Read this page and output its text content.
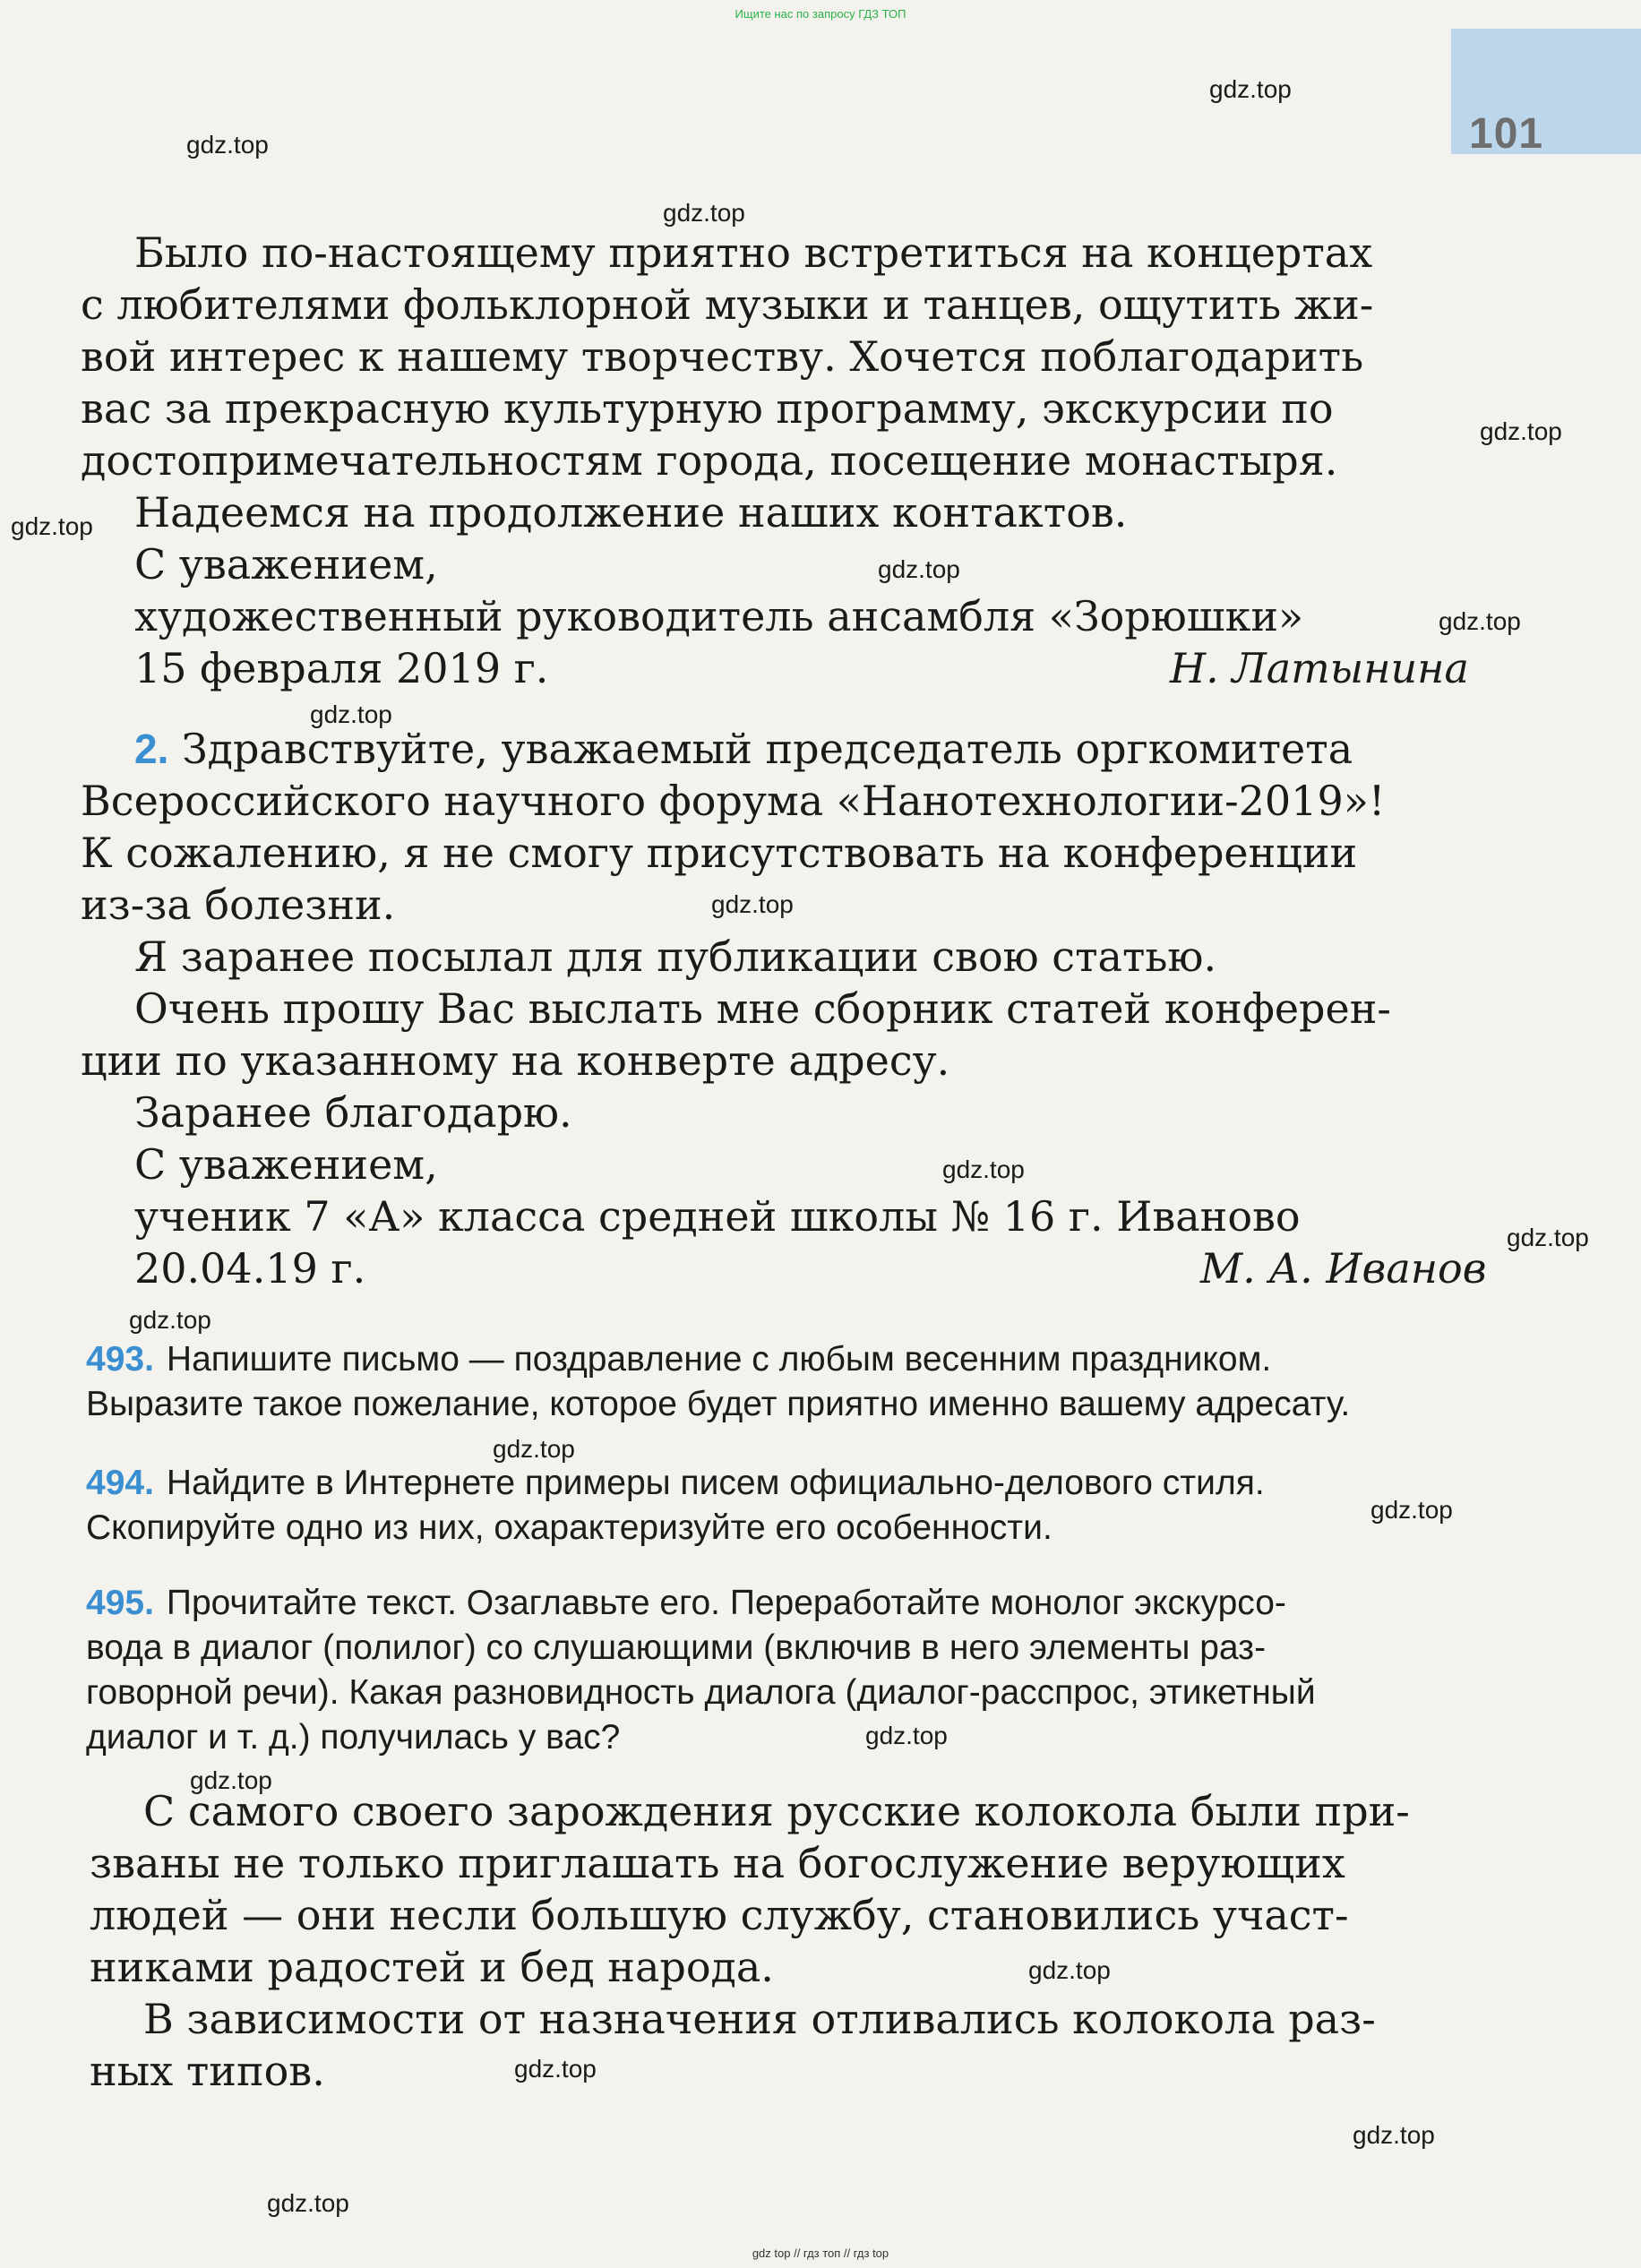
Ищите нас по запросу ГДЗ ТОП
101
gdz.top
gdz.top
gdz.top
gdz.top
gdz.top
gdz.top
gdz.top
gdz.top
gdz.top
gdz.top
gdz.top
gdz.top
gdz.top
gdz.top
gdz.top
gdz.top
gdz.top
gdz.top
gdz.top
gdz.top
Было по-настоящему приятно встретиться на концертах
с любителями фольклорной музыки и танцев, ощутить жи-
вой интерес к нашему творчеству. Хочется поблагодарить
вас за прекрасную культурную программу, экскурсии по
достопримечательностям города, посещение монастыря.
Надеемся на продолжение наших контактов.
С уважением,
художественный руководитель ансамбля «Зорюшки»
15 февраля 2019 г.	Н. Латынина
2. Здравствуйте, уважаемый председатель оргкомитета
Всероссийского научного форума «Нанотехнологии-2019»!
К сожалению, я не смогу присутствовать на конференции
из-за болезни.
Я заранее посылал для публикации свою статью.
Очень прошу Вас выслать мне сборник статей конферен-
ции по указанному на конверте адресу.
Заранее благодарю.
С уважением,
ученик 7 «А» класса средней школы № 16 г. Иваново
20.04.19 г.	М. А. Иванов
493. Напишите письмо — поздравление с любым весенним праздником.
Выразите такое пожелание, которое будет приятно именно вашему адресату.
494. Найдите в Интернете примеры писем официально-делового стиля.
Скопируйте одно из них, охарактеризуйте его особенности.
495. Прочитайте текст. Озаглавьте его. Переработайте монолог экскурсо-
вода в диалог (полилог) со слушающими (включив в него элементы раз-
говорной речи). Какая разновидность диалога (диалог-расспрос, этикетный
диалог и т. д.) получилась у вас?
С самого своего зарождения русские колокола были при-
званы не только приглашать на богослужение верующих
людей — они несли большую службу, становились участ-
никами радостей и бед народа.
В зависимости от назначения отливались колокола раз-
ных типов.
gdz top // гдз топ // гдз top
